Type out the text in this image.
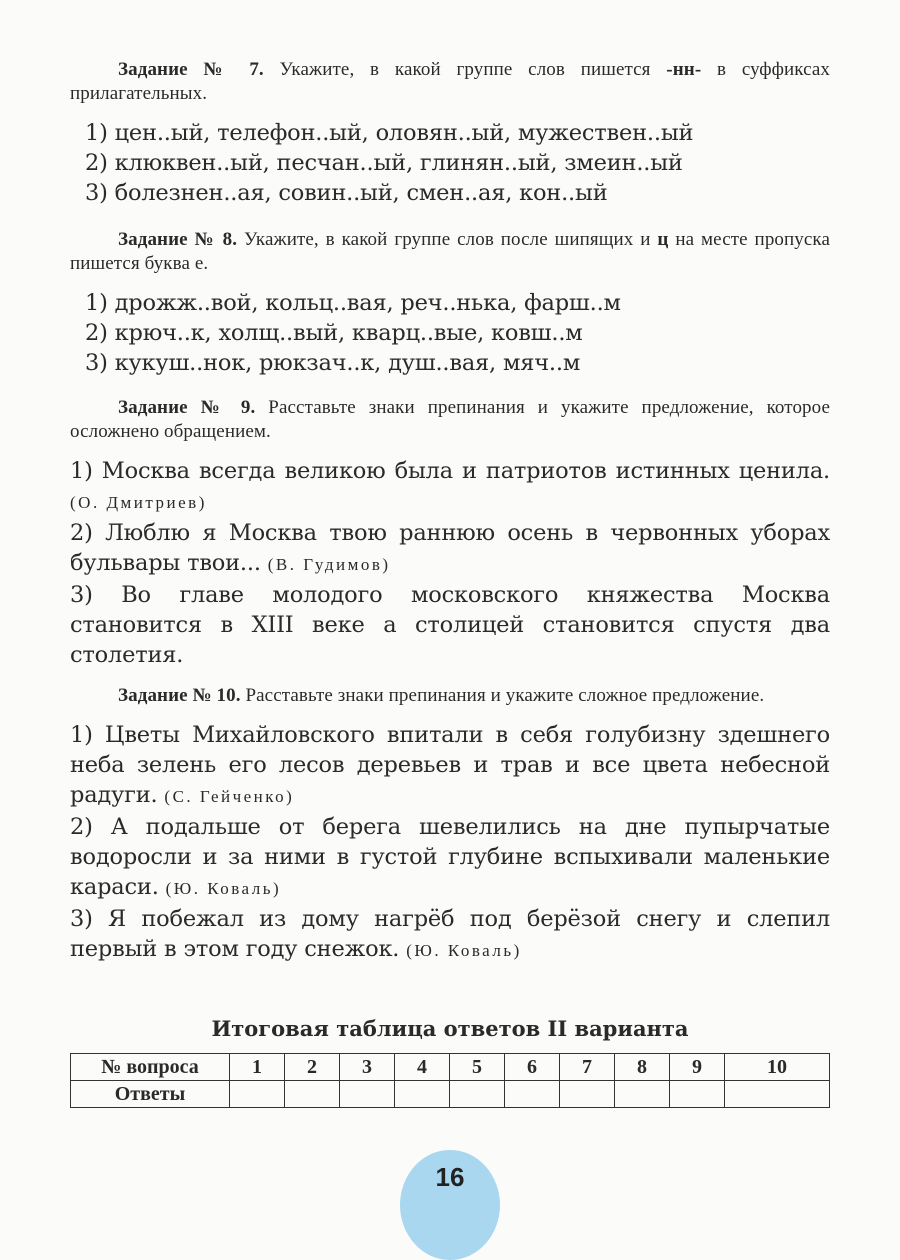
Задание № 7. Укажите, в какой группе слов пишется -нн- в суффиксах прилагательных.
1) цен..ый, телефон..ый, оловян..ый, мужествен..ый
2) клюквен..ый, песчан..ый, глинян..ый, змеин..ый
3) болезнен..ая, совин..ый, смен..ая, кон..ый
Задание № 8. Укажите, в какой группе слов после шипящих и ц на месте пропуска пишется буква е.
1) дрожж..вой, кольц..вая, реч..нька, фарш..м
2) крюч..к, холщ..вый, кварц..вые, ковш..м
3) кукуш..нок, рюкзач..к, душ..вая, мяч..м
Задание № 9. Расставьте знаки препинания и укажите предложение, которое осложнено обращением.
1) Москва всегда великою была и патриотов истинных ценила. (О. Дмитриев)
2) Люблю я Москва твою раннюю осень в червонных уборах бульвары твои... (В. Гудимов)
3) Во главе молодого московского княжества Москва становится в XIII веке а столицей становится спустя два столетия.
Задание № 10. Расставьте знаки препинания и укажите сложное предложение.
1) Цветы Михайловского впитали в себя голубизну здешнего неба зелень его лесов деревьев и трав и все цвета небесной радуги. (С. Гейченко)
2) А подальше от берега шевелились на дне пупырчатые водоросли и за ними в густой глубине вспыхивали маленькие караси. (Ю. Коваль)
3) Я побежал из дому нагрёб под берёзой снегу и слепил первый в этом году снежок. (Ю. Коваль)
Итоговая таблица ответов II варианта
№ вопроса	1	2	3	4	5	6	7	8	9	10
Ответы										
16
